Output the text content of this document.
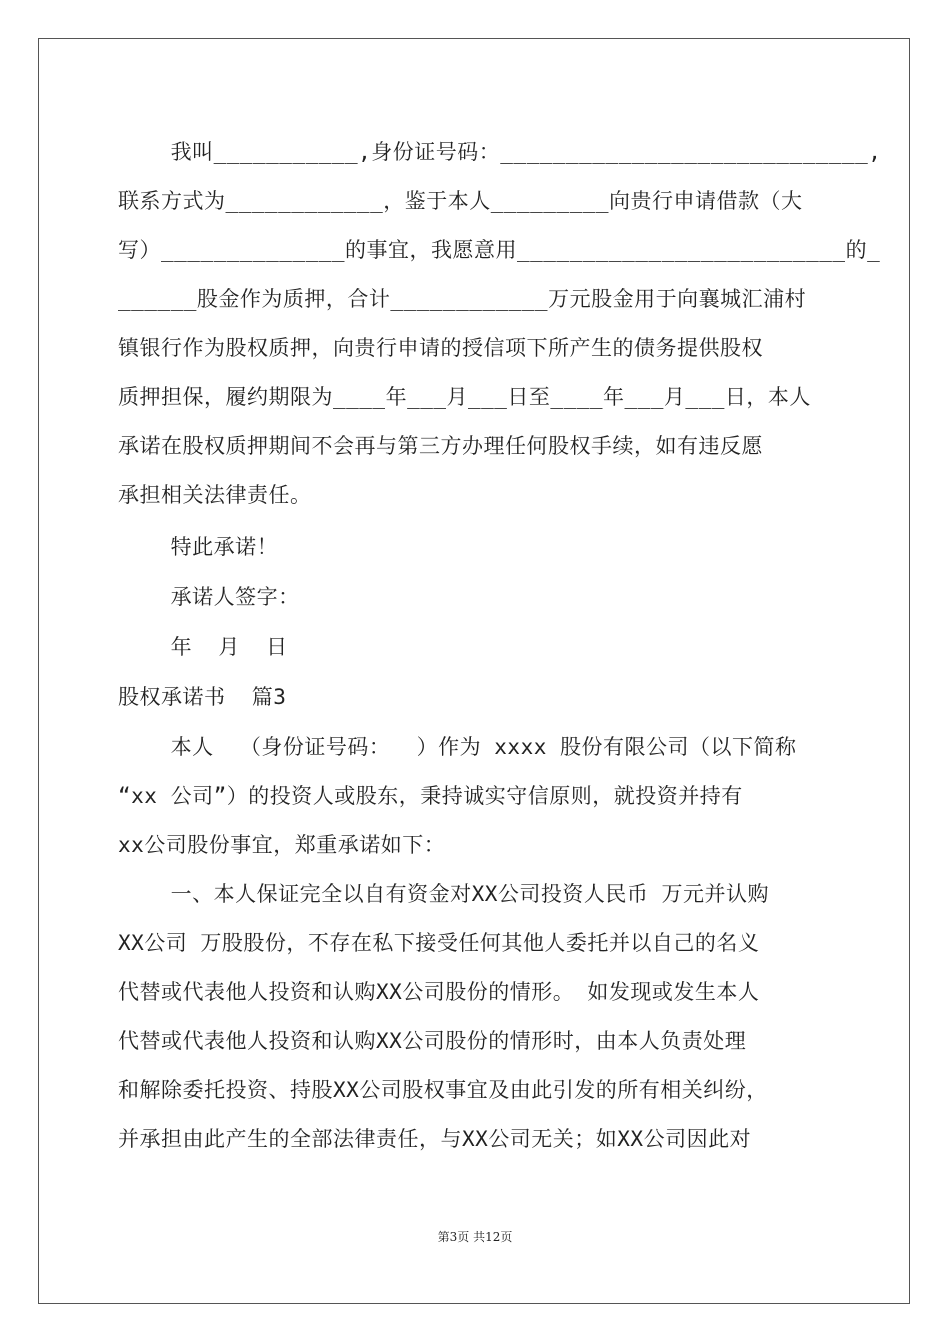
我叫___________,身份证号码：____________________________,
联系方式为____________，鉴于本人_________向贵行申请借款（大
写）______________的事宜，我愿意用_________________________的_
______股金作为质押，合计____________万元股金用于向襄城汇浦村
镇银行作为股权质押，向贵行申请的授信项下所产生的债务提供股权
质押担保，履约期限为____年___月___日至____年___月___日，本人
承诺在股权质押期间不会再与第三方办理任何股权手续，如有违反愿
承担相关法律责任。
特此承诺！
承诺人签字：
年  月  日
股权承诺书  篇3
本人  （身份证号码：  ）作为 xxxx 股份有限公司（以下简称
“xx 公司”）的投资人或股东，秉持诚实守信原则，就投资并持有
xx公司股份事宜，郑重承诺如下：
一、本人保证完全以自有资金对XX公司投资人民币 万元并认购
XX公司 万股股份，不存在私下接受任何其他人委托并以自己的名义
代替或代表他人投资和认购XX公司股份的情形。 如发现或发生本人
代替或代表他人投资和认购XX公司股份的情形时，由本人负责处理
和解除委托投资、持股XX公司股权事宜及由此引发的所有相关纠纷，
并承担由此产生的全部法律责任，与XX公司无关；如XX公司因此对
第3页 共12页
